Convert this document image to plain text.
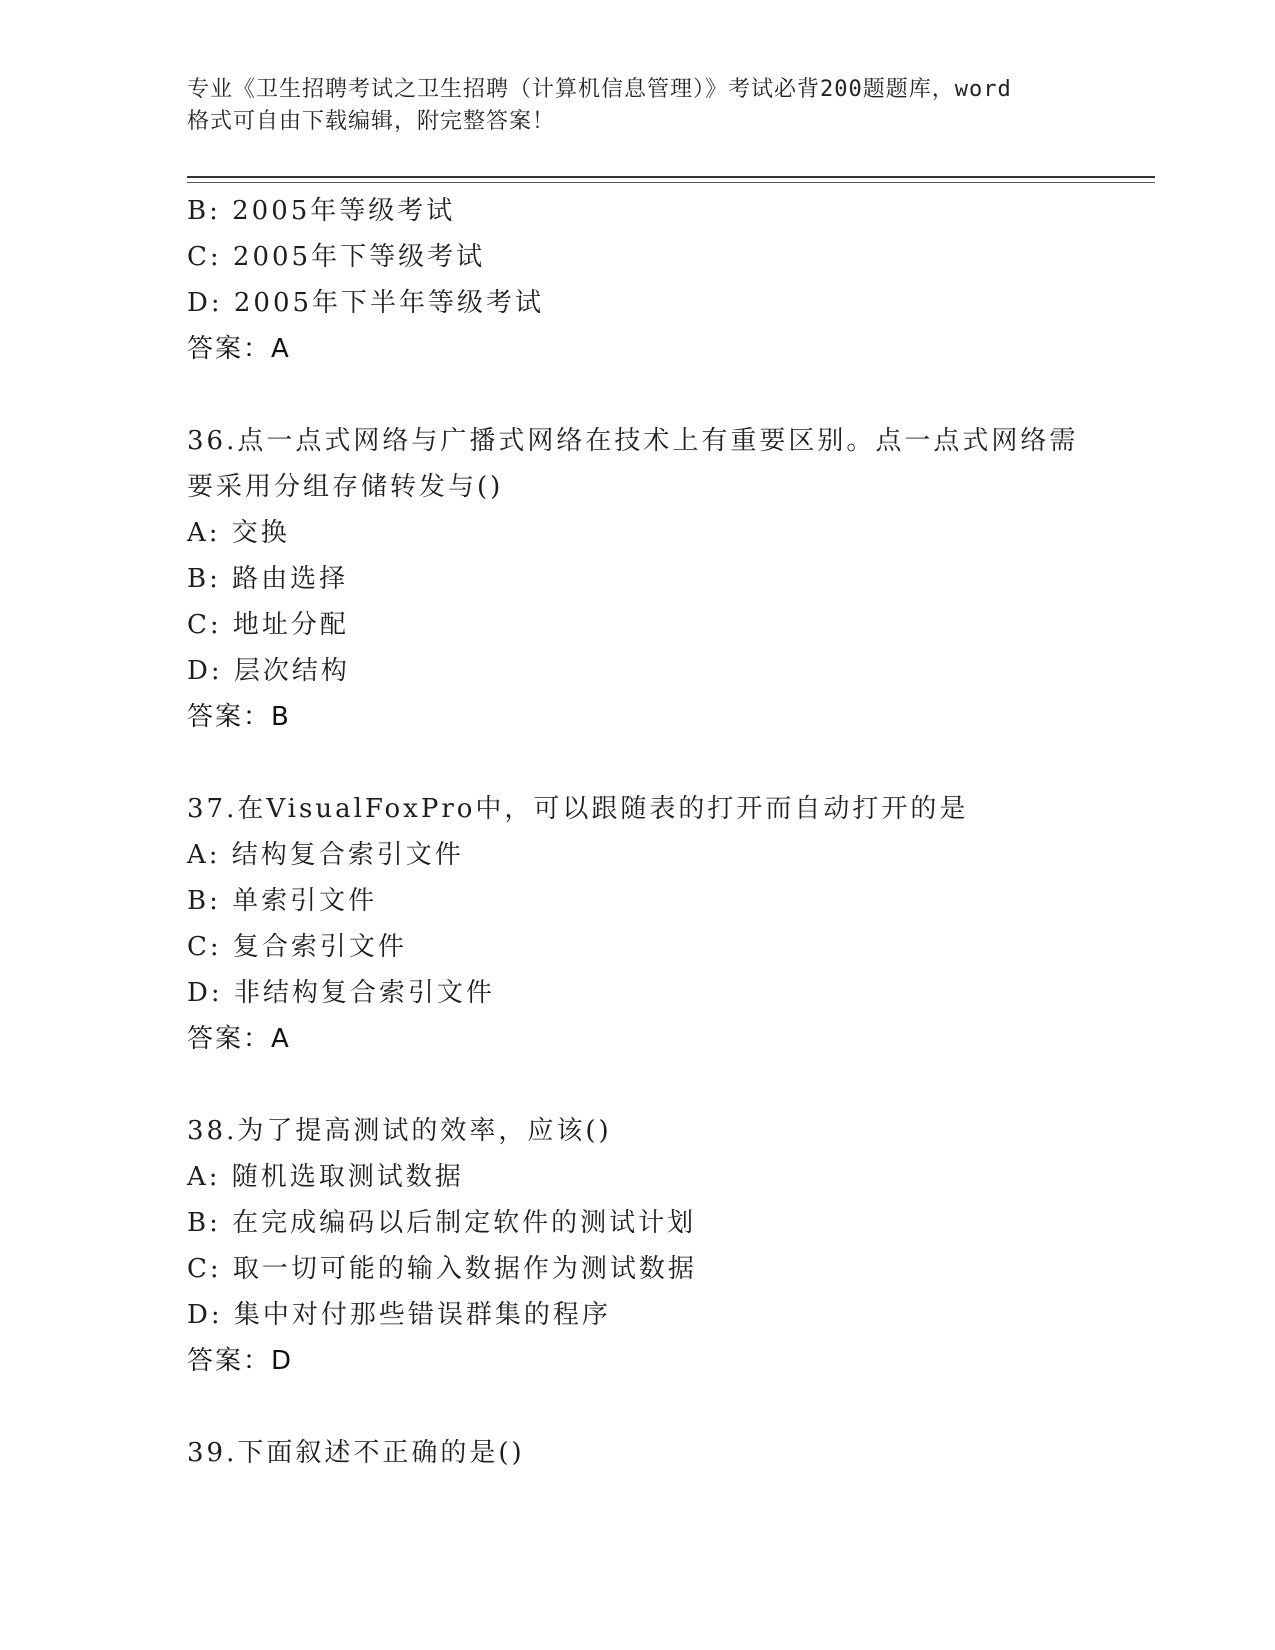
专业《卫生招聘考试之卫生招聘（计算机信息管理）》考试必背200题题库，word
格式可自由下载编辑，附完整答案！
B: 2005年等级考试
C: 2005年下等级考试
D: 2005年下半年等级考试
答案：A
36.点一点式网络与广播式网络在技术上有重要区别。点一点式网络需
要采用分组存储转发与()
A: 交换
B: 路由选择
C: 地址分配
D: 层次结构
答案：B
37.在VisualFoxPro中，可以跟随表的打开而自动打开的是
A: 结构复合索引文件
B: 单索引文件
C: 复合索引文件
D: 非结构复合索引文件
答案：A
38.为了提高测试的效率，应该()
A: 随机选取测试数据
B: 在完成编码以后制定软件的测试计划
C: 取一切可能的输入数据作为测试数据
D: 集中对付那些错误群集的程序
答案：D
39.下面叙述不正确的是()
